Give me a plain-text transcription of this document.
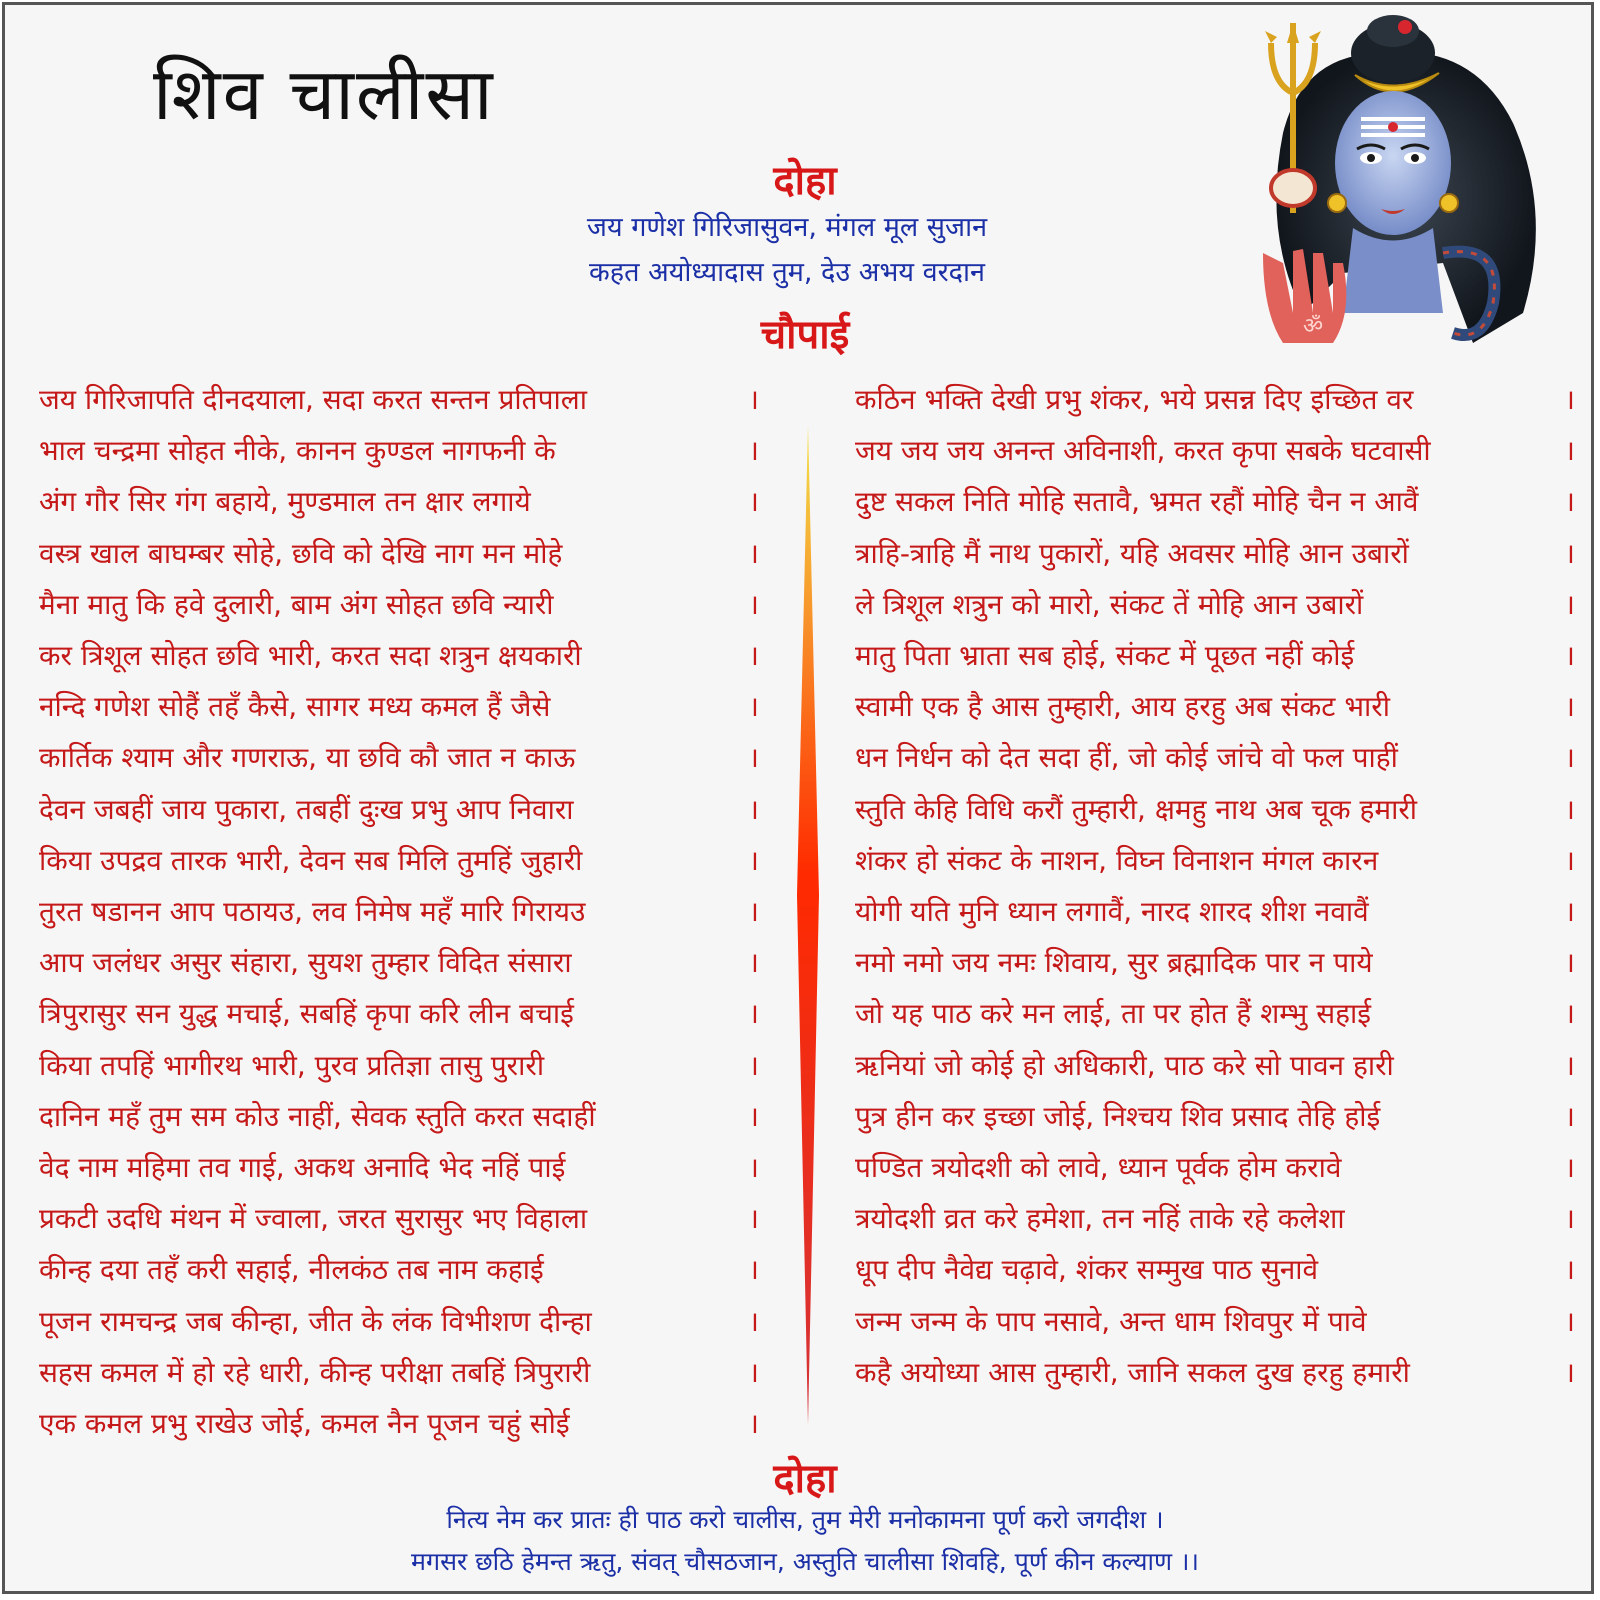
शिव चालीसा
ॐ
दोहा
जय गणेश गिरिजासुवन, मंगल मूल सुजान
कहत अयोध्यादास तुम, देउ अभय वरदान
चौपाई
जय गिरिजापति दीनदयाला, सदा करत सन्तन प्रतिपाला	।
भाल चन्द्रमा सोहत नीके, कानन कुण्डल नागफनी के	।
अंग गौर सिर गंग बहाये, मुण्डमाल तन क्षार लगाये	।
वस्त्र खाल बाघम्बर सोहे, छवि को देखि नाग मन मोहे	।
मैना मातु कि हवे दुलारी, बाम अंग सोहत छवि न्यारी	।
कर त्रिशूल सोहत छवि भारी, करत सदा शत्रुन क्षयकारी	।
नन्दि गणेश सोहैं तहँ कैसे, सागर मध्य कमल हैं जैसे	।
कार्तिक श्याम और गणराऊ, या छवि कौ जात न काऊ	।
देवन जबहीं जाय पुकारा, तबहीं दुःख प्रभु आप निवारा	।
किया उपद्रव तारक भारी, देवन सब मिलि तुमहिं जुहारी	।
तुरत षडानन आप पठायउ, लव निमेष महँ मारि गिरायउ	।
आप जलंधर असुर संहारा, सुयश तुम्हार विदित संसारा	।
त्रिपुरासुर सन युद्ध मचाई, सबहिं कृपा करि लीन बचाई	।
किया तपहिं भागीरथ भारी, पुरव प्रतिज्ञा तासु पुरारी	।
दानिन महँ तुम सम कोउ नाहीं, सेवक स्तुति करत सदाहीं	।
वेद नाम महिमा तव गाई, अकथ अनादि भेद नहिं पाई	।
प्रकटी उदधि मंथन में ज्वाला, जरत सुरासुर भए विहाला	।
कीन्ह दया तहँ करी सहाई, नीलकंठ तब नाम कहाई	।
पूजन रामचन्द्र जब कीन्हा, जीत के लंक विभीशण दीन्हा	।
सहस कमल में हो रहे धारी, कीन्ह परीक्षा तबहिं त्रिपुरारी	।
एक कमल प्रभु राखेउ जोई, कमल नैन पूजन चहुं सोई	।
कठिन भक्ति देखी प्रभु शंकर, भये प्रसन्न दिए इच्छित वर	।
जय जय जय अनन्त अविनाशी, करत कृपा सबके घटवासी	।
दुष्ट सकल निति मोहि सतावै, भ्रमत रहौं मोहि चैन न आवैं	।
त्राहि-त्राहि मैं नाथ पुकारों, यहि अवसर मोहि आन उबारों	।
ले त्रिशूल शत्रुन को मारो, संकट तें मोहि आन उबारों	।
मातु पिता भ्राता सब होई, संकट में पूछत नहीं कोई	।
स्वामी एक है आस तुम्हारी, आय हरहु अब संकट भारी	।
धन निर्धन को देत सदा हीं, जो कोई जांचे वो फल पाहीं	।
स्तुति केहि विधि करौं तुम्हारी, क्षमहु नाथ अब चूक हमारी	।
शंकर हो संकट के नाशन, विघ्न विनाशन मंगल कारन	।
योगी यति मुनि ध्यान लगावैं, नारद शारद शीश नवावैं	।
नमो नमो जय नमः शिवाय, सुर ब्रह्मादिक पार न पाये	।
जो यह पाठ करे मन लाई, ता पर होत हैं शम्भु सहाई	।
ऋनियां जो कोई हो अधिकारी, पाठ करे सो पावन हारी	।
पुत्र हीन कर इच्छा जोई, निश्चय शिव प्रसाद तेहि होई	।
पण्डित त्रयोदशी को लावे, ध्यान पूर्वक होम करावे	।
त्रयोदशी व्रत करे हमेशा, तन नहिं ताके रहे कलेशा	।
धूप दीप नैवेद्य चढ़ावे, शंकर सम्मुख पाठ सुनावे	।
जन्म जन्म के पाप नसावे, अन्त धाम शिवपुर में पावे	।
कहै अयोध्या आस तुम्हारी, जानि सकल दुख हरहु हमारी	।
दोहा
नित्य नेम कर प्रातः ही पाठ करो चालीस, तुम मेरी मनोकामना पूर्ण करो जगदीश ।
मगसर छठि हेमन्त ऋतु, संवत् चौसठजान, अस्तुति चालीसा शिवहि, पूर्ण कीन कल्याण ।।
